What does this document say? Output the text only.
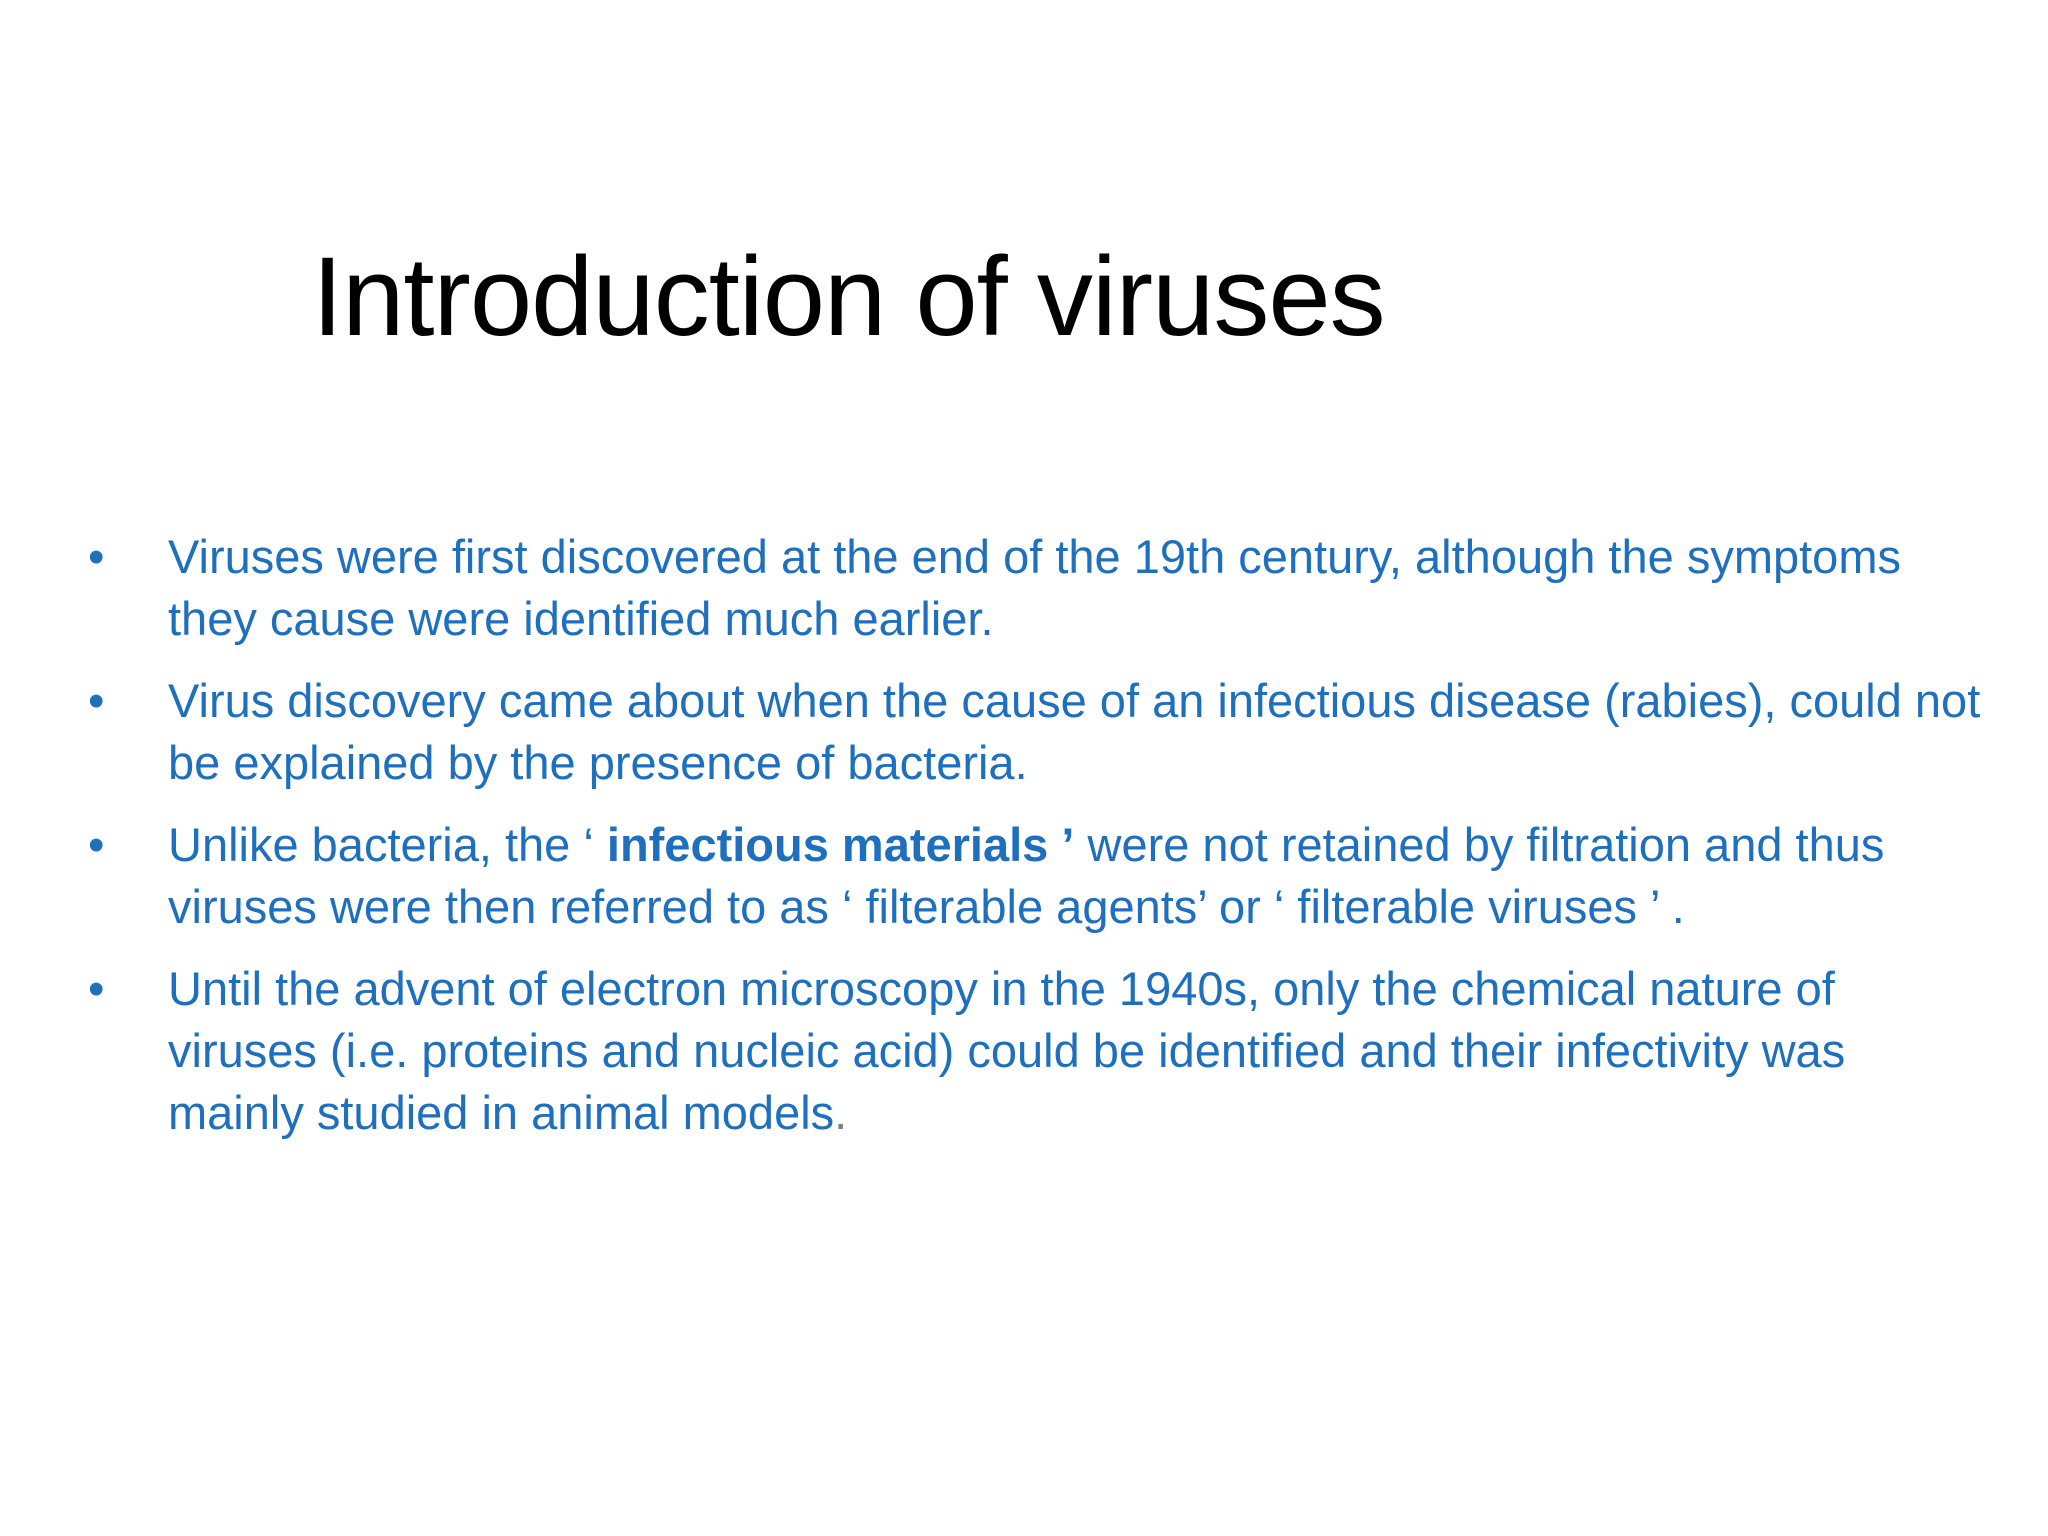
Introduction of viruses
• Viruses were first discovered at the end of the 19th century, although the symptoms they cause were identified much earlier.
• Virus discovery came about when the cause of an infectious disease (rabies), could not be explained by the presence of bacteria.
• Unlike bacteria, the ‘ infectious materials ’ were not retained by filtration and thus viruses were then referred to as ‘ filterable agents’ or ‘ filterable viruses ’ .
• Until the advent of electron microscopy in the 1940s, only the chemical nature of viruses (i.e. proteins and nucleic acid) could be identified and their infectivity was mainly studied in animal models.
